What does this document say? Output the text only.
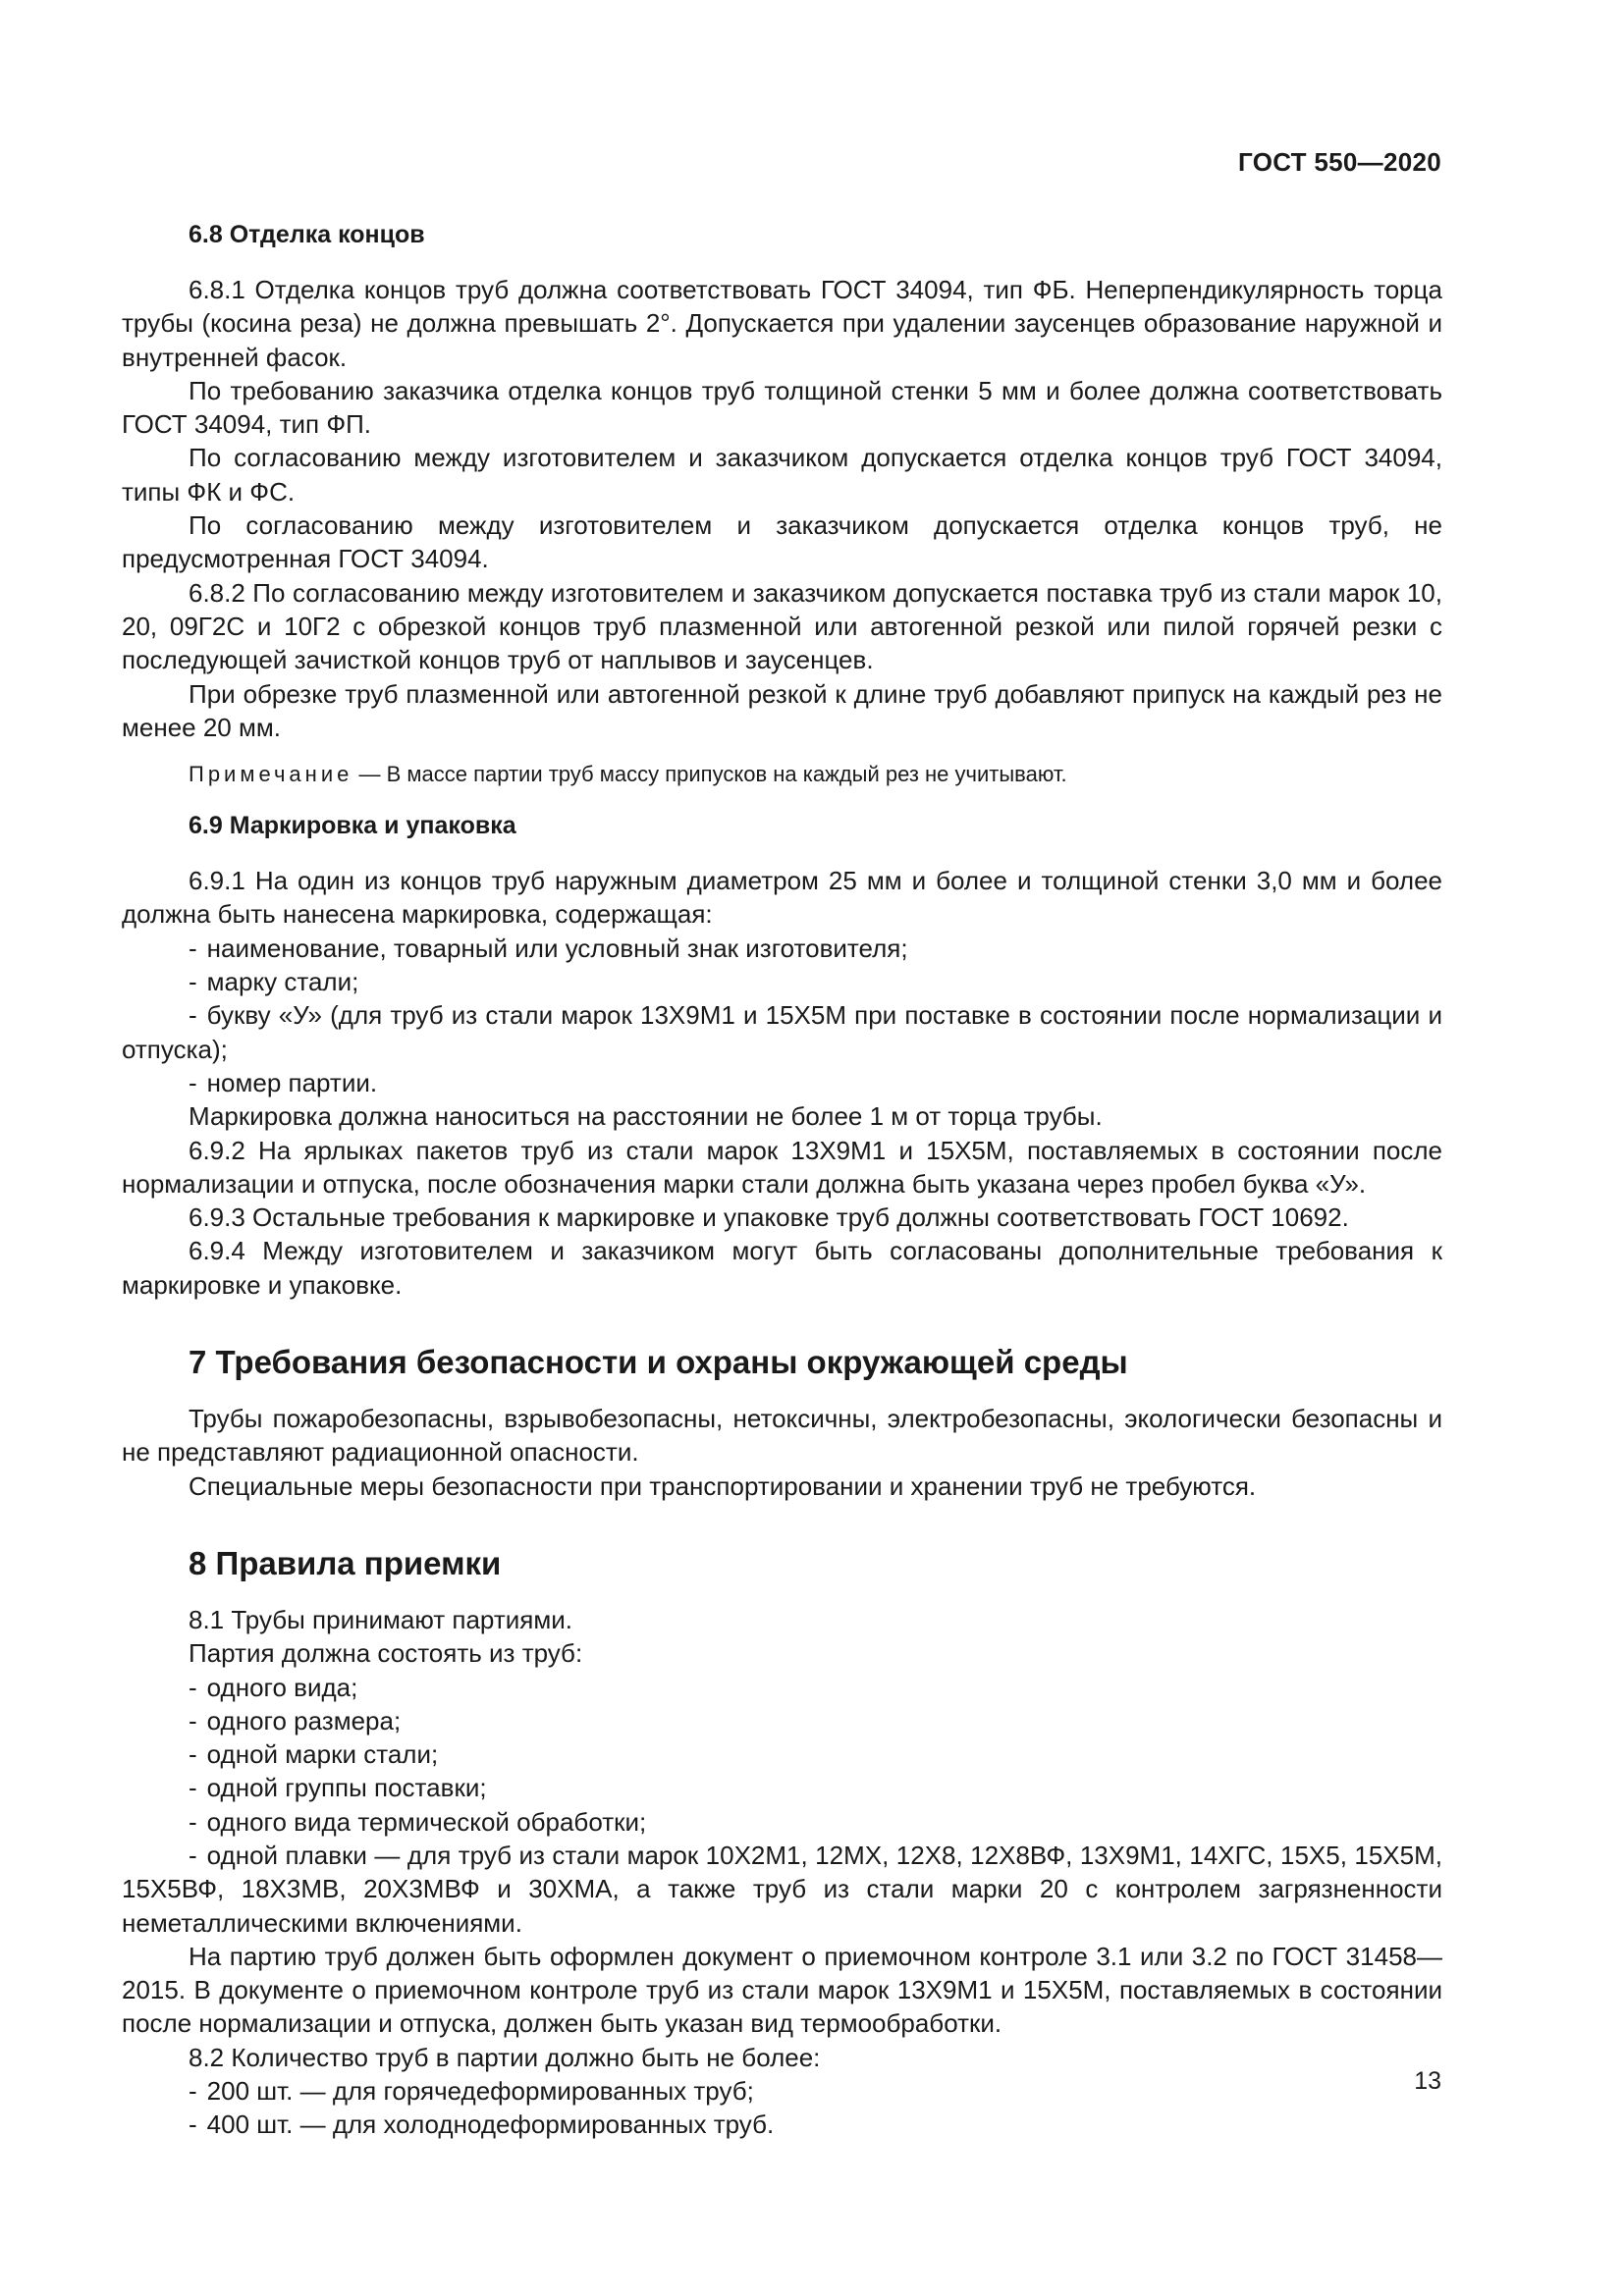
ГОСТ 550—2020
6.8 Отделка концов

6.8.1 Отделка концов труб должна соответствовать ГОСТ 34094, тип ФБ. Неперпендикулярность торца трубы (косина реза) не должна превышать 2°. Допускается при удалении заусенцев образование наружной и внутренней фасок.

По требованию заказчика отделка концов труб толщиной стенки 5 мм и более должна соответствовать ГОСТ 34094, тип ФП.

По согласованию между изготовителем и заказчиком допускается отделка концов труб ГОСТ 34094, типы ФК и ФС.

По согласованию между изготовителем и заказчиком допускается отделка концов труб, не предусмотренная ГОСТ 34094.

6.8.2 По согласованию между изготовителем и заказчиком допускается поставка труб из стали марок 10, 20, 09Г2С и 10Г2 с обрезкой концов труб плазменной или автогенной резкой или пилой горячей резки с последующей зачисткой концов труб от наплывов и заусенцев.

При обрезке труб плазменной или автогенной резкой к длине труб добавляют припуск на каждый рез не менее 20 мм.

Примечание — В массе партии труб массу припусков на каждый рез не учитывают.
6.9 Маркировка и упаковка

6.9.1 На один из концов труб наружным диаметром 25 мм и более и толщиной стенки 3,0 мм и более должна быть нанесена маркировка, содержащая:

- наименование, товарный или условный знак изготовителя;
- марку стали;
- букву «У» (для труб из стали марок 13Х9М1 и 15Х5М при поставке в состоянии после нормализации и отпуска);
- номер партии.

Маркировка должна наноситься на расстоянии не более 1 м от торца трубы.

6.9.2 На ярлыках пакетов труб из стали марок 13Х9М1 и 15Х5М, поставляемых в состоянии после нормализации и отпуска, после обозначения марки стали должна быть указана через пробел буква «У».

6.9.3 Остальные требования к маркировке и упаковке труб должны соответствовать ГОСТ 10692.

6.9.4 Между изготовителем и заказчиком могут быть согласованы дополнительные требования к маркировке и упаковке.

7 Требования безопасности и охраны окружающей среды

Трубы пожаробезопасны, взрывобезопасны, нетоксичны, электробезопасны, экологически безопасны и не представляют радиационной опасности.

Специальные меры безопасности при транспортировании и хранении труб не требуются.

8 Правила приемки

8.1 Трубы принимают партиями.

Партия должна состоять из труб:

- одного вида;
- одного размера;
- одной марки стали;
- одной группы поставки;
- одного вида термической обработки;
- одной плавки — для труб из стали марок 10Х2М1, 12МХ, 12Х8, 12Х8ВФ, 13Х9М1, 14ХГС, 15Х5, 15Х5М, 15Х5ВФ, 18Х3МВ, 20Х3МВФ и 30ХМА, а также труб из стали марки 20 с контролем загрязненности неметаллическими включениями.

На партию труб должен быть оформлен документ о приемочном контроле 3.1 или 3.2 по ГОСТ 31458—2015. В документе о приемочном контроле труб из стали марок 13Х9М1 и 15Х5М, поставляемых в состоянии после нормализации и отпуска, должен быть указан вид термообработки.

8.2 Количество труб в партии должно быть не более:

- 200 шт. — для горячедеформированных труб;
- 400 шт. — для холоднодеформированных труб.
13
